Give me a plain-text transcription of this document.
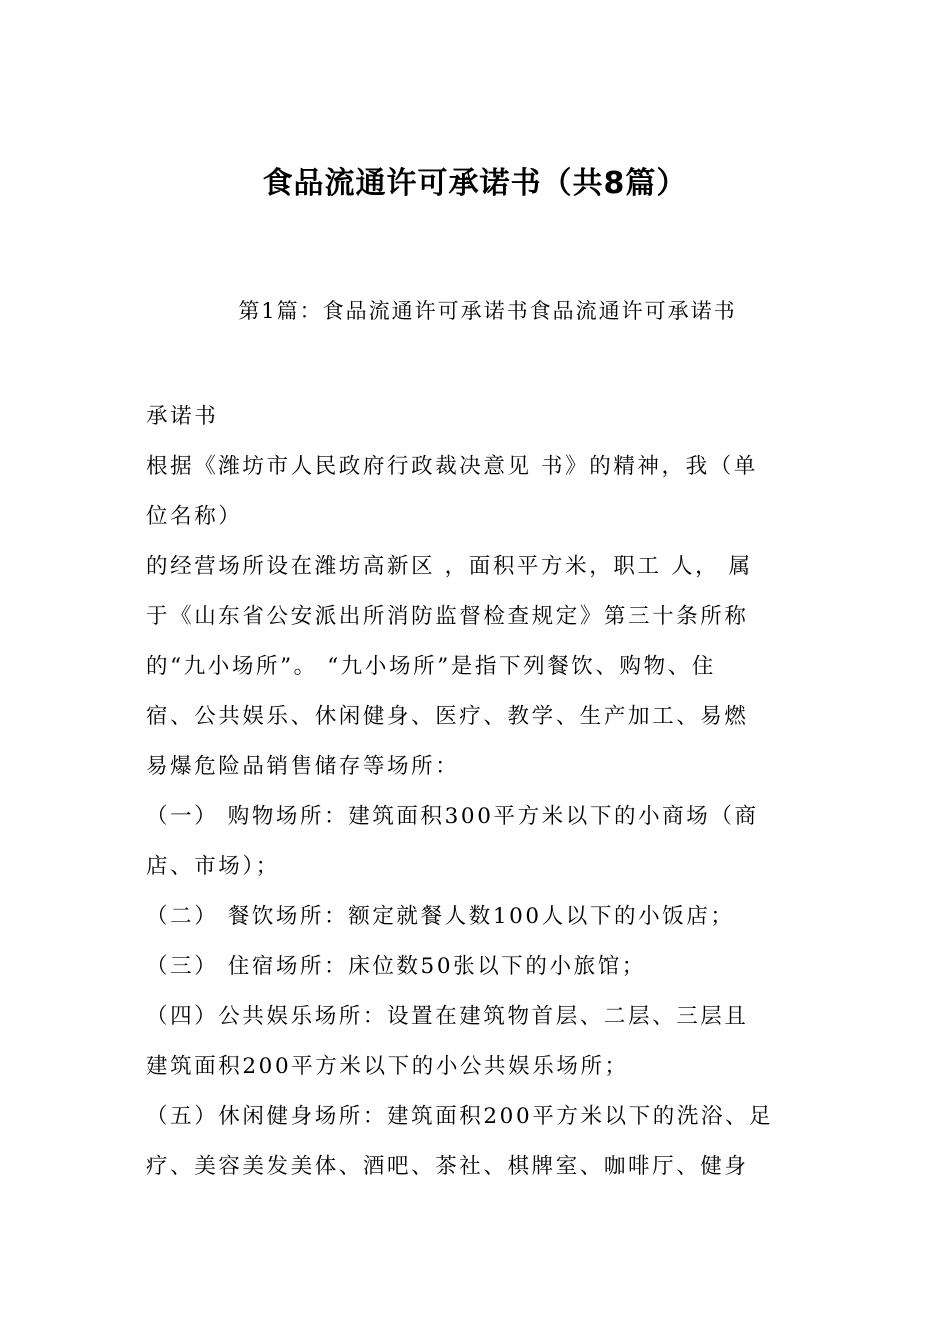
食品流通许可承诺书（共8篇）
第1篇：食品流通许可承诺书食品流通许可承诺书
承诺书
根据《潍坊市人民政府行政裁决意见 书》的精神，我（单
位名称）
的经营场所设在潍坊高新区 ，面积平方米，职工 人， 属
于《山东省公安派出所消防监督检查规定》第三十条所称
的“九小场所”。 “九小场所”是指下列餐饮、购物、住
宿、公共娱乐、休闲健身、医疗、教学、生产加工、易燃
易爆危险品销售储存等场所：
（一） 购物场所：建筑面积300平方米以下的小商场（商
店、市场）；
（二） 餐饮场所：额定就餐人数100人以下的小饭店；
（三） 住宿场所：床位数50张以下的小旅馆；
（四）公共娱乐场所：设置在建筑物首层、二层、三层且
建筑面积200平方米以下的小公共娱乐场所；
（五）休闲健身场所：建筑面积200平方米以下的洗浴、足
疗、美容美发美体、酒吧、茶社、棋牌室、咖啡厅、健身
